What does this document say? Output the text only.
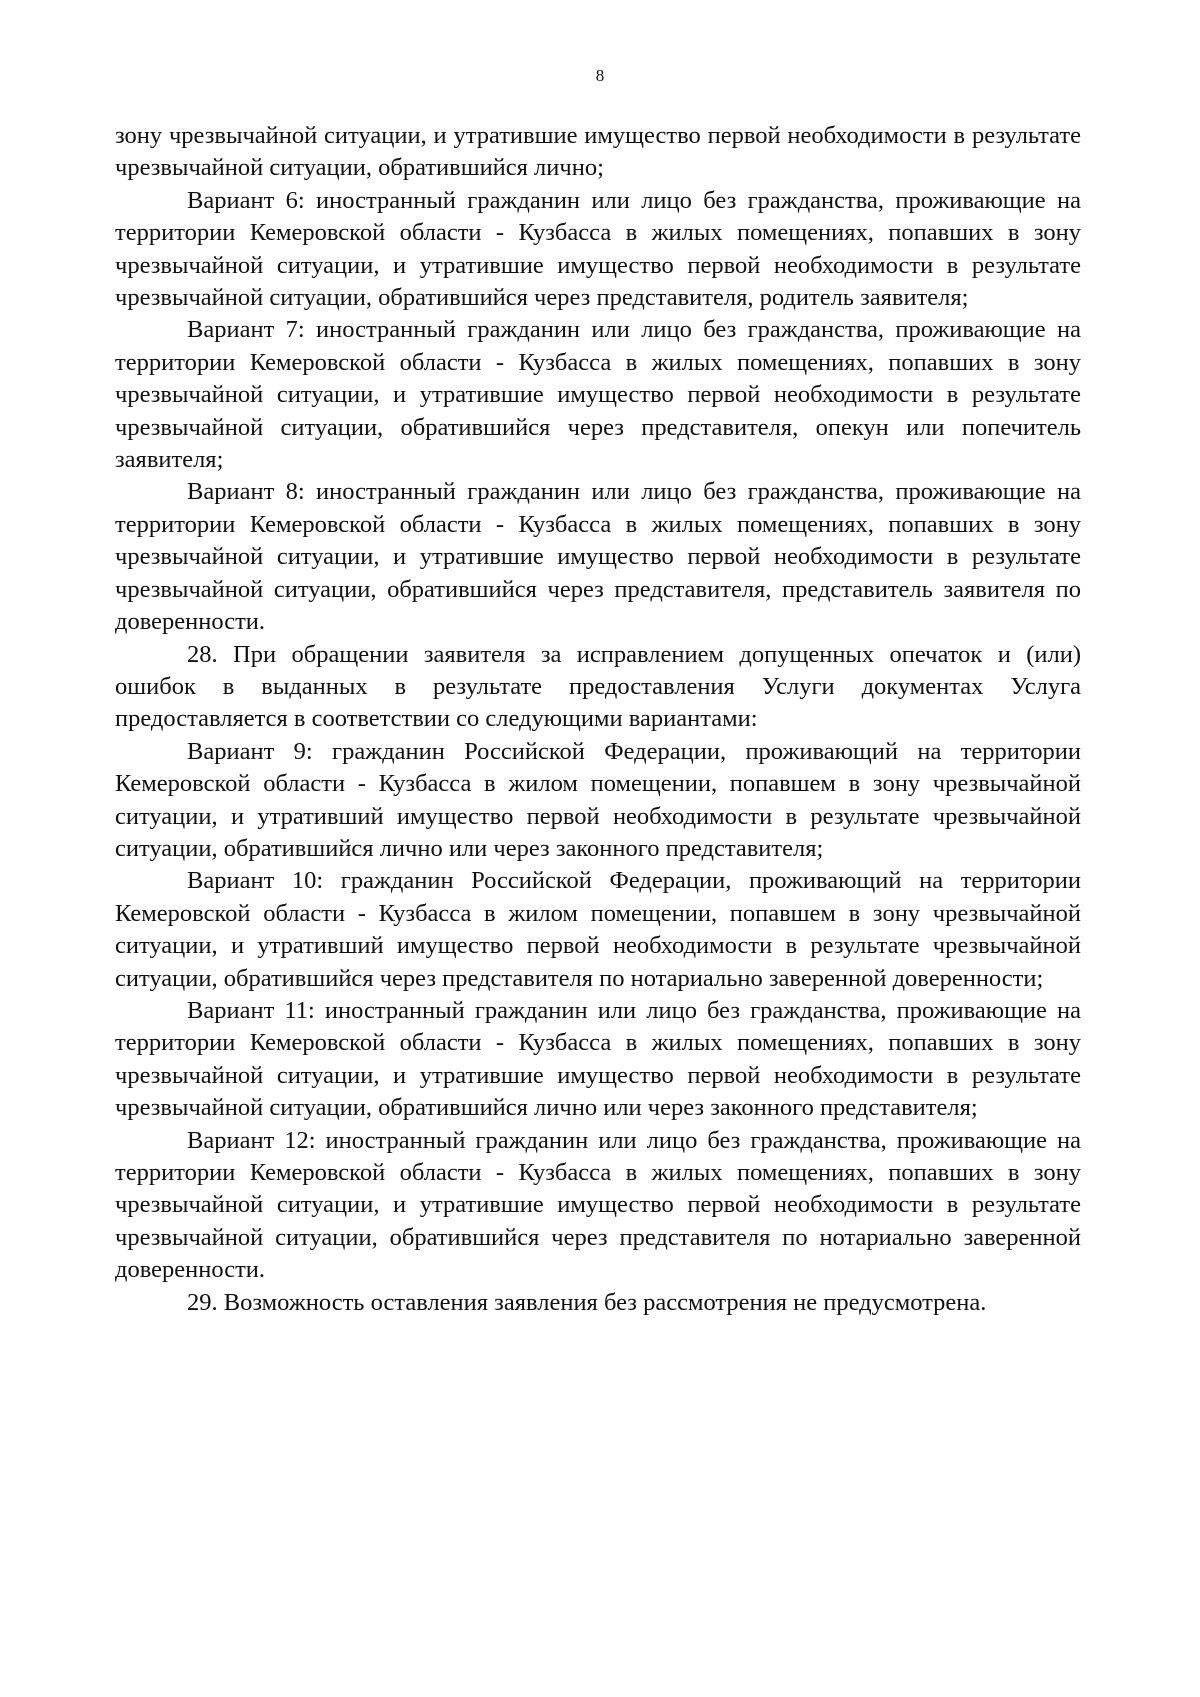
8

зону чрезвычайной ситуации, и утратившие имущество первой необходимости в результате чрезвычайной ситуации, обратившийся лично;

Вариант 6: иностранный гражданин или лицо без гражданства, проживающие на территории Кемеровской области - Кузбасса в жилых помещениях, попавших в зону чрезвычайной ситуации, и утратившие имущество первой необходимости в результате чрезвычайной ситуации, обратившийся через представителя, родитель заявителя;

Вариант 7: иностранный гражданин или лицо без гражданства, проживающие на территории Кемеровской области - Кузбасса в жилых помещениях, попавших в зону чрезвычайной ситуации, и утратившие имущество первой необходимости в результате чрезвычайной ситуации, обратившийся через представителя, опекун или попечитель заявителя;

Вариант 8: иностранный гражданин или лицо без гражданства, проживающие на территории Кемеровской области - Кузбасса в жилых помещениях, попавших в зону чрезвычайной ситуации, и утратившие имущество первой необходимости в результате чрезвычайной ситуации, обратившийся через представителя, представитель заявителя по доверенности.

28. При обращении заявителя за исправлением допущенных опечаток и (или) ошибок в выданных в результате предоставления Услуги документах Услуга предоставляется в соответствии со следующими вариантами:

Вариант 9: гражданин Российской Федерации, проживающий на территории Кемеровской области - Кузбасса в жилом помещении, попавшем в зону чрезвычайной ситуации, и утративший имущество первой необходимости в результате чрезвычайной ситуации, обратившийся лично или через законного представителя;

Вариант 10: гражданин Российской Федерации, проживающий на территории Кемеровской области - Кузбасса в жилом помещении, попавшем в зону чрезвычайной ситуации, и утративший имущество первой необходимости в результате чрезвычайной ситуации, обратившийся через представителя по нотариально заверенной доверенности;

Вариант 11: иностранный гражданин или лицо без гражданства, проживающие на территории Кемеровской области - Кузбасса в жилых помещениях, попавших в зону чрезвычайной ситуации, и утратившие имущество первой необходимости в результате чрезвычайной ситуации, обратившийся лично или через законного представителя;

Вариант 12: иностранный гражданин или лицо без гражданства, проживающие на территории Кемеровской области - Кузбасса в жилых помещениях, попавших в зону чрезвычайной ситуации, и утратившие имущество первой необходимости в результате чрезвычайной ситуации, обратившийся через представителя по нотариально заверенной доверенности.

29. Возможность оставления заявления без рассмотрения не предусмотрена.
